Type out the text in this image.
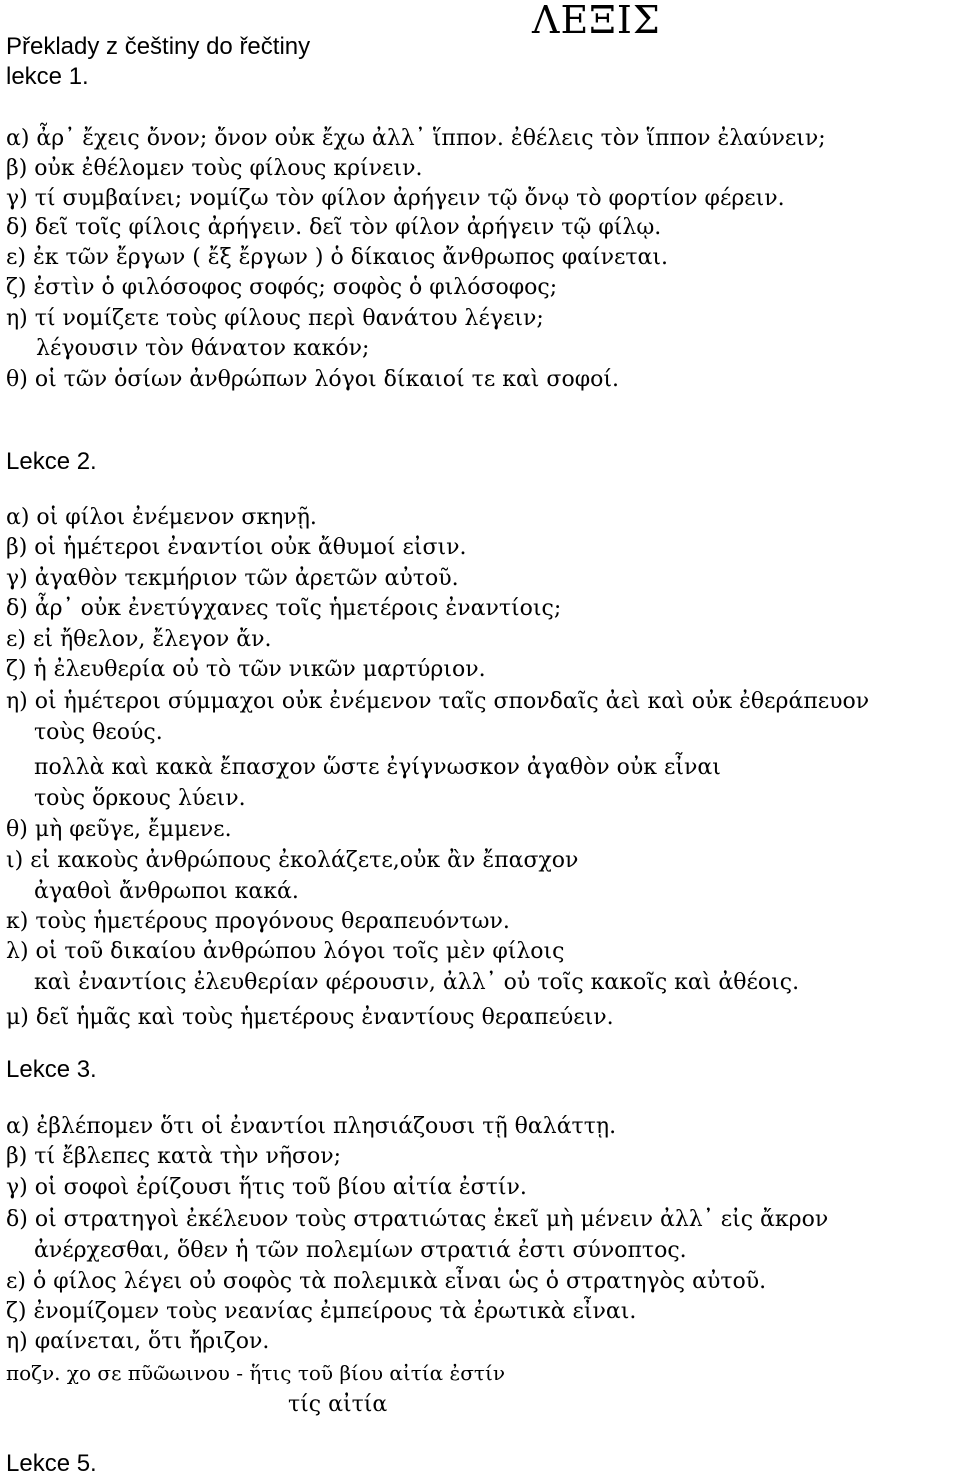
ΛΕΞΙΣ
Překlady z češtiny do řečtiny
lekce 1.
α) ἆρ᾽ ἔχεις ὄνον; ὄνον οὐκ ἔχω ἀλλ᾽ ἵππον. ἐθέλεις τὸν ἵππον ἐλαύνειν;
β) οὐκ ἐθέλομεν τοὺς φίλους κρίνειν.
γ) τί συμβαίνει; νομίζω τὸν φίλον ἀρήγειν τῷ ὄνῳ τὸ φορτίον φέρειν.
δ) δεῖ τοῖς φίλοις ἀρήγειν. δεῖ τὸν φίλον ἀρήγειν τῷ φίλῳ.
ε) ἐκ τῶν ἔργων ( ἔξ ἔργων ) ὁ δίκαιος ἄνθρωπος φαίνεται.
ζ) ἐστὶν ὁ φιλόσοφος σοφός; σοφὸς ὁ φιλόσοφος;
η) τί νομίζετε τοὺς φίλους περὶ θανάτου λέγειν;
λέγουσιν τὸν θάνατον κακόν;
θ) οἱ τῶν ὁσίων ἀνθρώπων λόγοι δίκαιοί τε καὶ σοφοί.
Lekce 2.
α) οἱ φίλοι ἐνέμενον σκηνῇ.
β) οἱ ἡμέτεροι ἐναντίοι οὐκ ἄθυμοί εἰσιν.
γ) ἀγαθὸν τεκμήριον τῶν ἀρετῶν αὐτοῦ.
δ) ἆρ᾽ οὐκ ἐνετύγχανες τοῖς ἡμετέροις ἐναντίοις;
ε) εἰ ἤθελον, ἔλεγον ἄν.
ζ) ἡ ἐλευθερία οὐ τὸ τῶν νικῶν μαρτύριον.
η) οἱ ἡμέτεροι σύμμαχοι οὐκ ἐνέμενον ταῖς σπονδαῖς ἀεὶ καὶ οὐκ ἐθεράπευον
τοὺς θεούς.
πολλὰ καὶ κακὰ ἔπασχον ὥστε ἐγίγνωσκον ἀγαθὸν οὐκ εἶναι
τοὺς ὅρκους λύειν.
θ) μὴ φεῦγε, ἔμμενε.
ι) εἰ κακοὺς ἀνθρώπους ἐκολάζετε,οὐκ ἂν ἔπασχον
ἀγαθοὶ ἄνθρωποι κακά.
κ) τοὺς ἡμετέρους προγόνους θεραπευόντων.
λ) οἱ τοῦ δικαίου ἀνθρώπου λόγοι τοῖς μὲν φίλοις
καὶ ἐναντίοις ἐλευθερίαν φέρουσιν, ἀλλ᾽ οὐ τοῖς κακοῖς καὶ ἀθέοις.
μ) δεῖ ἡμᾶς καὶ τοὺς ἡμετέρους ἐναντίους θεραπεύειν.
Lekce 3.
α) ἐβλέπομεν ὅτι οἱ ἐναντίοι πλησιάζουσι τῇ θαλάττῃ.
β) τί ἔβλεπες κατὰ τὴν νῆσον;
γ) οἱ σοφοὶ ἐρίζουσι ἥτις τοῦ βίου αἰτία ἐστίν.
δ) οἱ στρατηγοὶ ἐκέλευον τοὺς στρατιώτας ἐκεῖ μὴ μένειν ἀλλ᾽ εἰς ἄκρον
ἀνέρχεσθαι, ὅθεν ἡ τῶν πολεμίων στρατιά ἐστι σύνοπτος.
ε) ὁ φίλος λέγει οὐ σοφὸς τὰ πολεμικὰ εἶναι ὡς ὁ στρατηγὸς αὐτοῦ.
ζ) ἐνομίζομεν τοὺς νεανίας ἐμπείρους τὰ ἐρωτικὰ εἶναι.
η) φαίνεται, ὅτι ἤριζον.
ποζν. χο σε πῦῶωινου - ἥτις τοῦ βίου αἰτία ἐστίν
τίς αἰτία
Lekce 5.
